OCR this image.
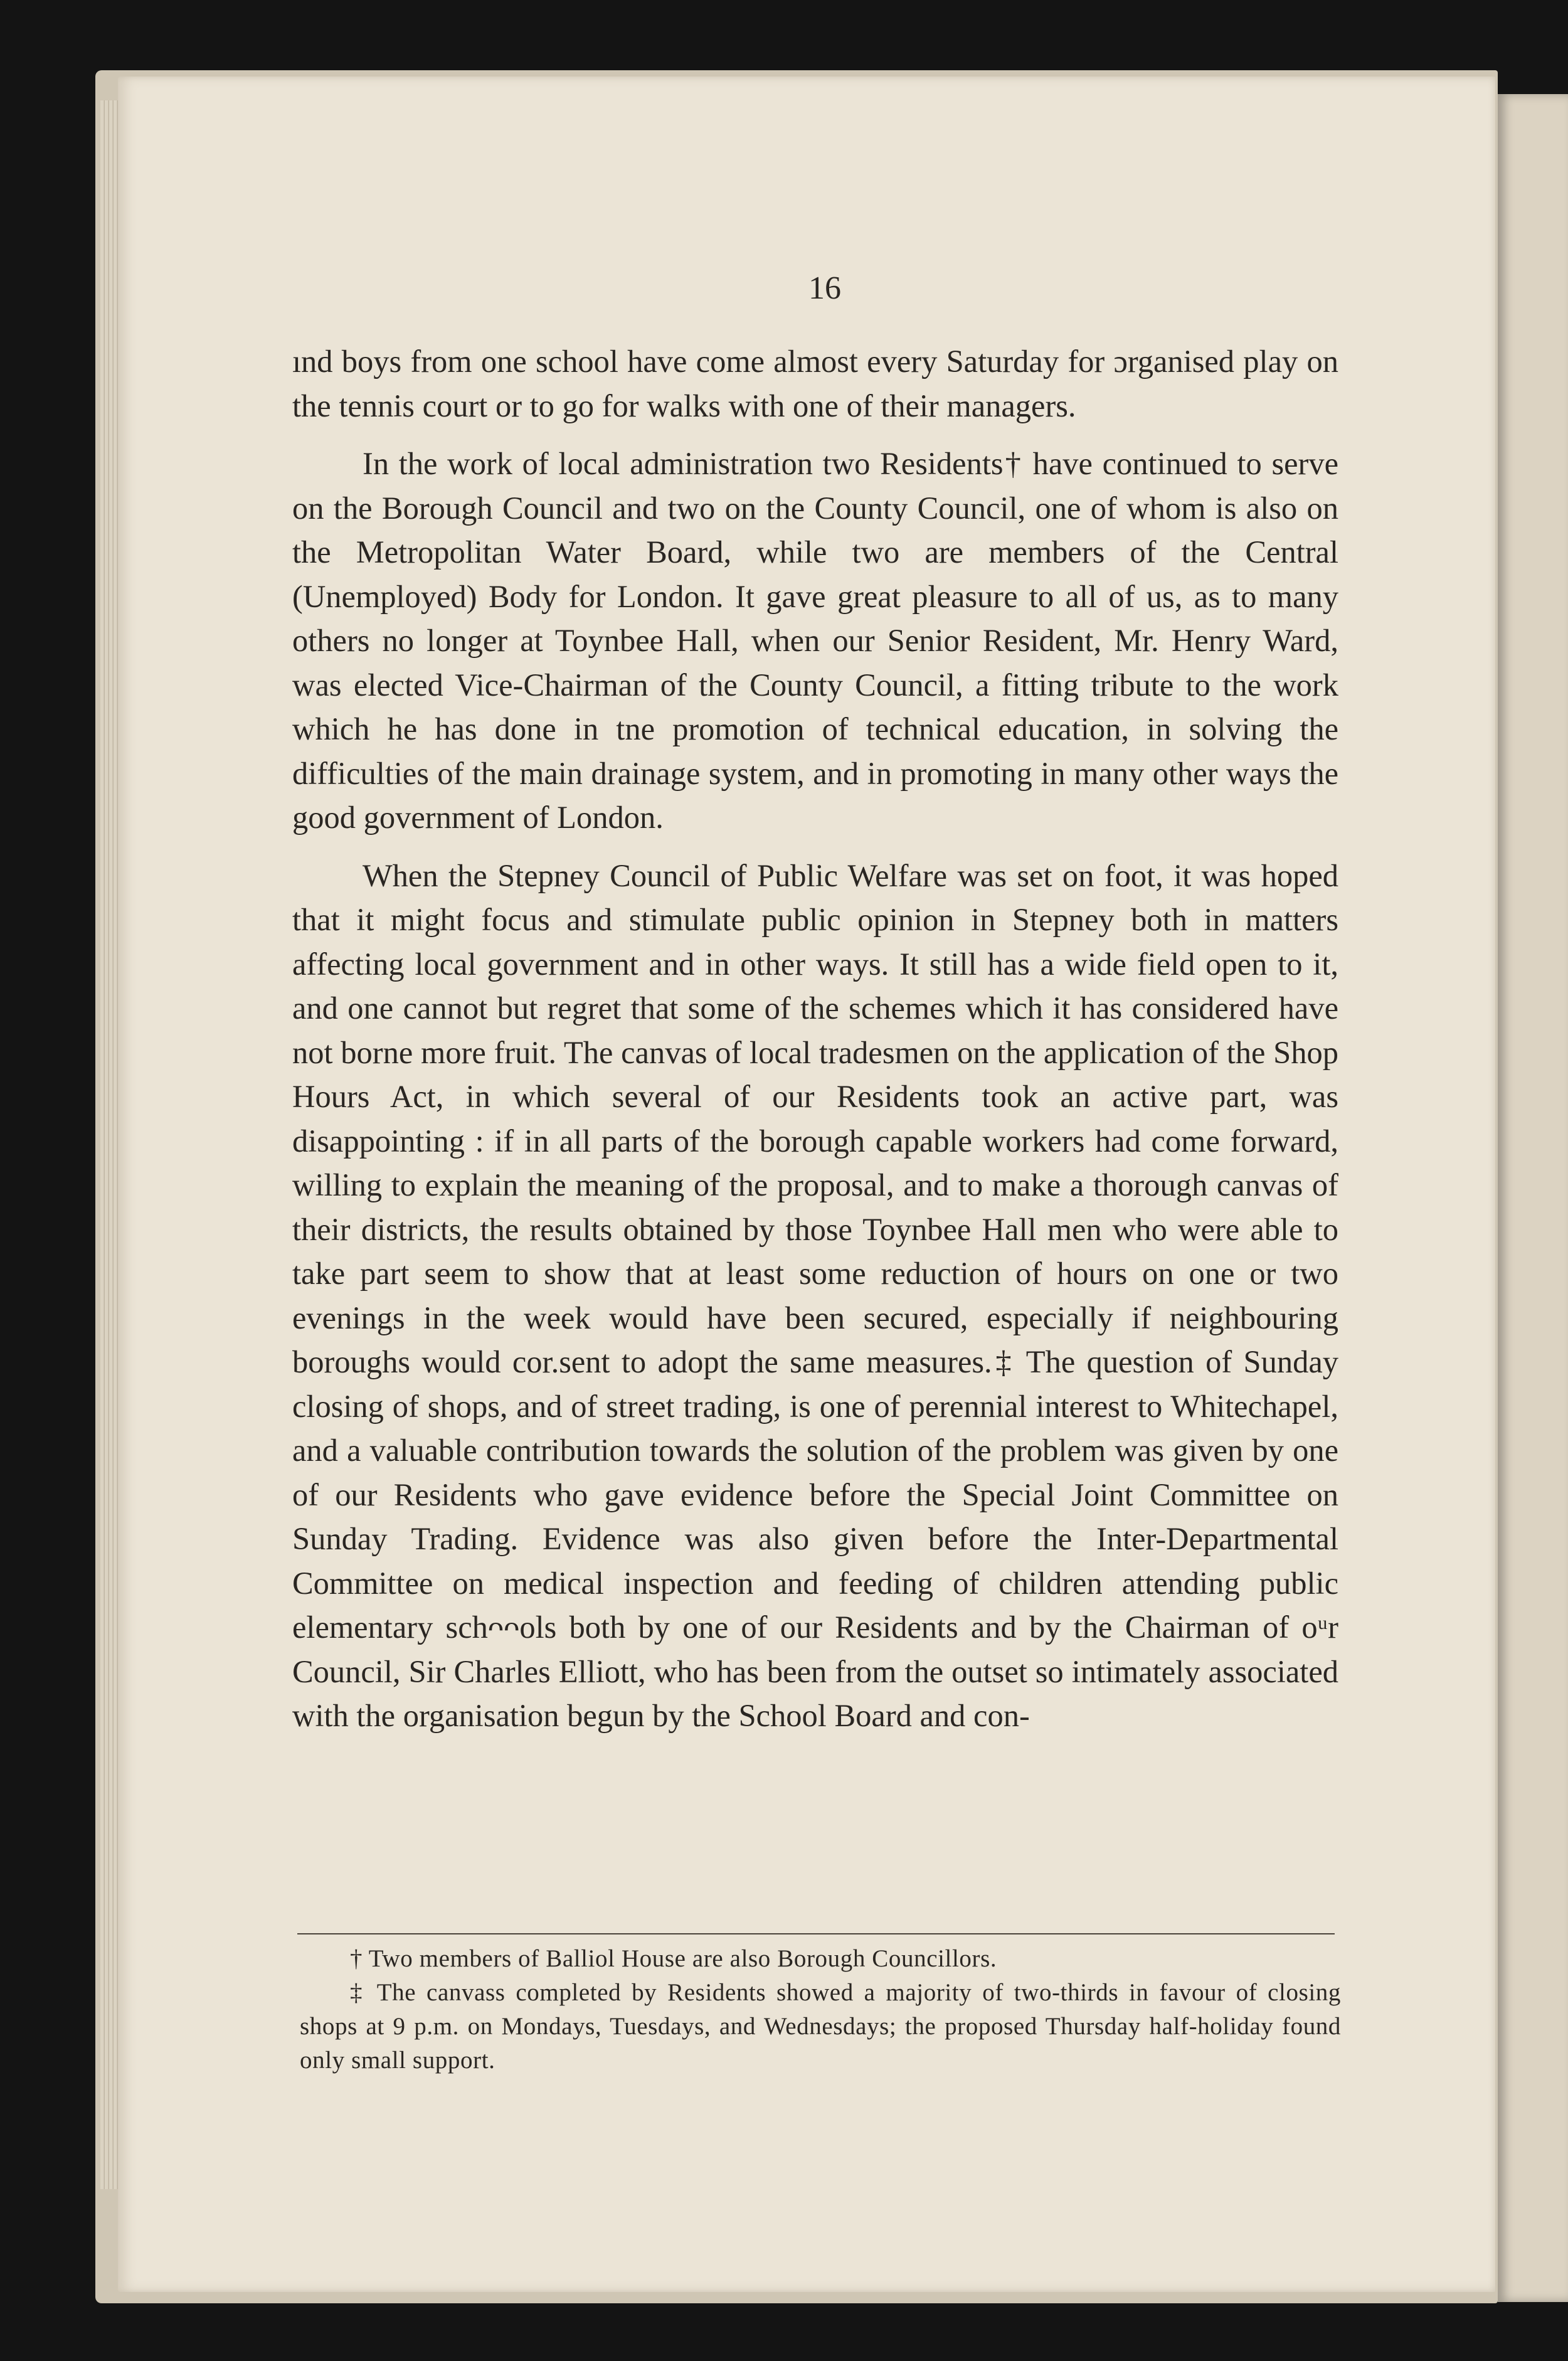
16

ınd boys from one school have come almost every Saturday for ɔrganised play on the tennis court or to go for walks with one of their managers.

In the work of local administration two Residents† have continued to serve on the Borough Council and two on the County Council, one of whom is also on the Metropolitan Water Board, while two are members of the Central (Unemployed) Body for London. It gave great pleasure to all of us, as to many others no longer at Toynbee Hall, when our Senior Resident, Mr. Henry Ward, was elected Vice-Chairman of the County Council, a fitting tribute to the work which he has done in tne promotion of technical education, in solving the difficulties of the main drainage system, and in promoting in many other ways the good government of London.

When the Stepney Council of Public Welfare was set on foot, it was hoped that it might focus and stimulate public opinion in Stepney both in matters affecting local government and in other ways. It still has a wide field open to it, and one cannot but regret that some of the schemes which it has considered have not borne more fruit. The canvas of local tradesmen on the application of the Shop Hours Act, in which several of our Residents took an active part, was disappointing : if in all parts of the borough capable workers had come forward, willing to explain the meaning of the proposal, and to make a thorough canvas of their districts, the results obtained by those Toynbee Hall men who were able to take part seem to show that at least some reduction of hours on one or two evenings in the week would have been secured, especially if neighbouring boroughs would cor.sent to adopt the same measures.‡ The question of Sunday closing of shops, and of street trading, is one of perennial interest to Whitechapel, and a valuable contribution towards the solution of the problem was given by one of our Residents who gave evidence before the Special Joint Committee on Sunday Trading. Evidence was also given before the Inter-Departmental Committee on medical inspection and feeding of children attending public elementary schᴖᴖols both by one of our Residents and by the Chairman of oᵘr Council, Sir Charles Elliott, who has been from the outset so intimately associated with the organisation begun by the School Board and con-

† Two members of Balliol House are also Borough Councillors.

‡ The canvass completed by Residents showed a majority of two-thirds in favour of closing shops at 9 p.m. on Mondays, Tuesdays, and Wednesdays; the proposed Thursday half-holiday found only small support.
